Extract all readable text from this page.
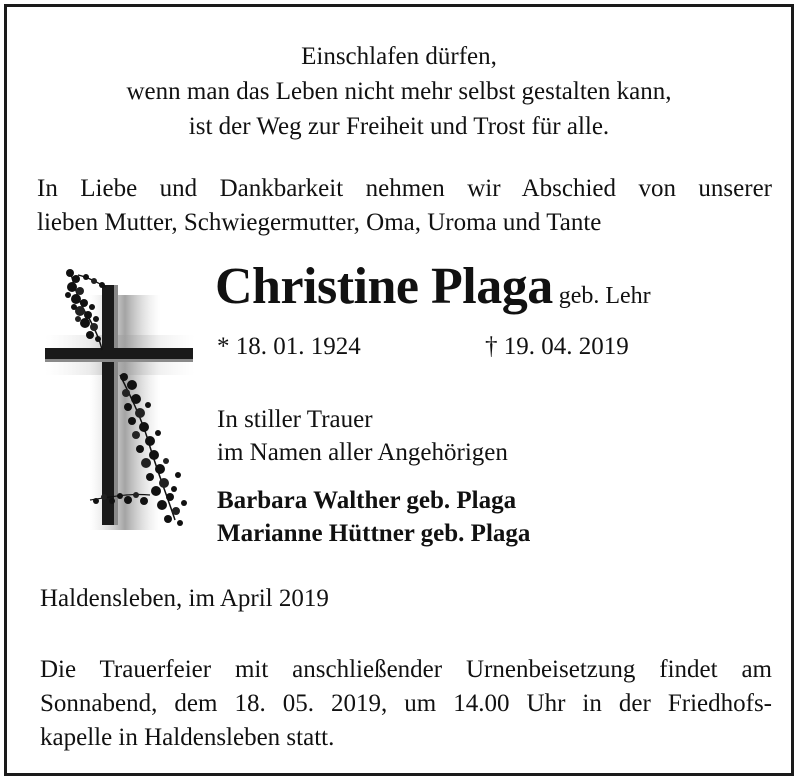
Einschlafen dürfen,
wenn man das Leben nicht mehr selbst gestalten kann,
ist der Weg zur Freiheit und Trost für alle.
In Liebe und Dankbarkeit nehmen wir Abschied von unserer
lieben Mutter, Schwiegermutter, Oma, Uroma und Tante
Christine Plaga geb. Lehr
* 18. 01. 1924	† 19. 04. 2019
In stiller Trauer
im Namen aller Angehörigen
Barbara Walther geb. Plaga
Marianne Hüttner geb. Plaga
Haldensleben, im April 2019
Die Trauerfeier mit anschließender Urnenbeisetzung findet am
Sonnabend, dem 18. 05. 2019, um 14.00 Uhr in der Friedhofs-
kapelle in Haldensleben statt.
